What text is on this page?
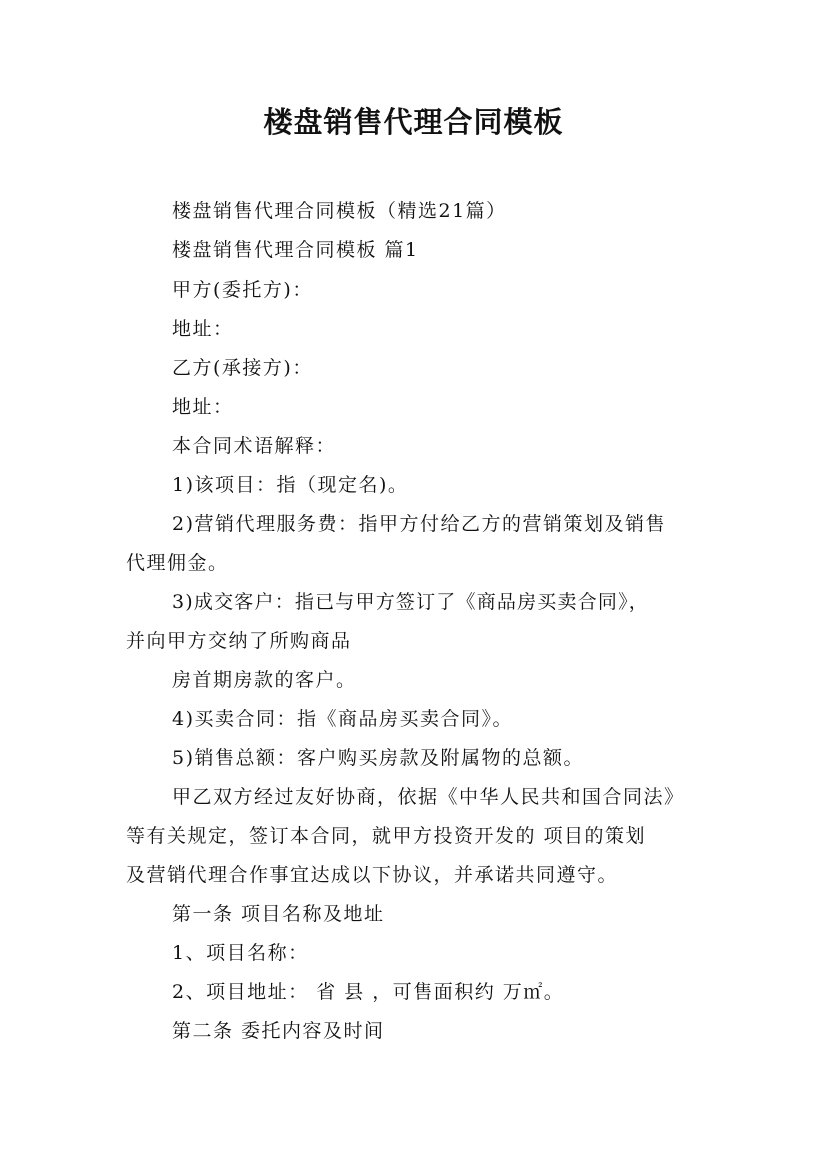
楼盘销售代理合同模板
楼盘销售代理合同模板（精选21篇）
楼盘销售代理合同模板 篇1
甲方(委托方)：
地址：
乙方(承接方)：
地址：
本合同术语解释：
1)该项目：指（现定名)。
2)营销代理服务费：指甲方付给乙方的营销策划及销售
代理佣金。
3)成交客户：指已与甲方签订了《商品房买卖合同》，
并向甲方交纳了所购商品
房首期房款的客户。
4)买卖合同：指《商品房买卖合同》。
5)销售总额：客户购买房款及附属物的总额。
甲乙双方经过友好协商，依据《中华人民共和国合同法》
等有关规定，签订本合同，就甲方投资开发的 项目的策划
及营销代理合作事宜达成以下协议，并承诺共同遵守。
第一条 项目名称及地址
1、项目名称：
2、项目地址： 省 县 ，可售面积约 万㎡。
第二条 委托内容及时间
